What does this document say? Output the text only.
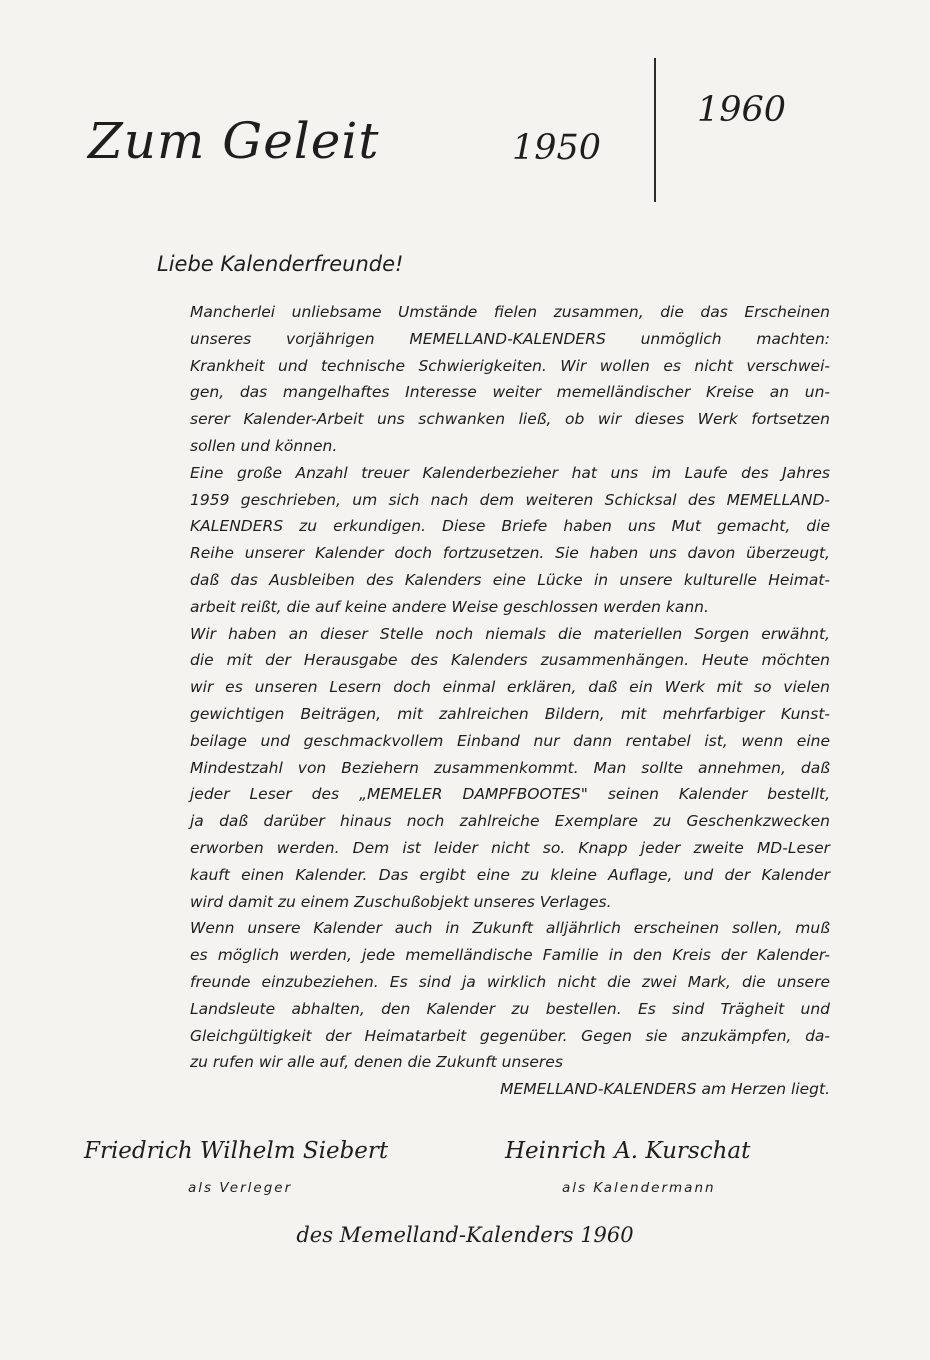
Zum Geleit	1950
1960

Liebe Kalenderfreunde!

Mancherlei unliebsame Umstände fielen zusammen, die das Erscheinen
unseres vorjährigen MEMELLAND-KALENDERS unmöglich machten:
Krankheit und technische Schwierigkeiten. Wir wollen es nicht verschwei-
gen, das mangelhaftes Interesse weiter memelländischer Kreise an un-
serer Kalender-Arbeit uns schwanken ließ, ob wir dieses Werk fortsetzen
sollen und können.
Eine große Anzahl treuer Kalenderbezieher hat uns im Laufe des Jahres
1959 geschrieben, um sich nach dem weiteren Schicksal des MEMELLAND-
KALENDERS zu erkundigen. Diese Briefe haben uns Mut gemacht, die
Reihe unserer Kalender doch fortzusetzen. Sie haben uns davon überzeugt,
daß das Ausbleiben des Kalenders eine Lücke in unsere kulturelle Heimat-
arbeit reißt, die auf keine andere Weise geschlossen werden kann.
Wir haben an dieser Stelle noch niemals die materiellen Sorgen erwähnt,
die mit der Herausgabe des Kalenders zusammenhängen. Heute möchten
wir es unseren Lesern doch einmal erklären, daß ein Werk mit so vielen
gewichtigen Beiträgen, mit zahlreichen Bildern, mit mehrfarbiger Kunst-
beilage und geschmackvollem Einband nur dann rentabel ist, wenn eine
Mindestzahl von Beziehern zusammenkommt. Man sollte annehmen, daß
jeder Leser des „MEMELER DAMPFBOOTES" seinen Kalender bestellt,
ja daß darüber hinaus noch zahlreiche Exemplare zu Geschenkzwecken
erworben werden. Dem ist leider nicht so. Knapp jeder zweite MD-Leser
kauft einen Kalender. Das ergibt eine zu kleine Auflage, und der Kalender
wird damit zu einem Zuschußobjekt unseres Verlages.
Wenn unsere Kalender auch in Zukunft alljährlich erscheinen sollen, muß
es möglich werden, jede memelländische Familie in den Kreis der Kalender-
freunde einzubeziehen. Es sind ja wirklich nicht die zwei Mark, die unsere
Landsleute abhalten, den Kalender zu bestellen. Es sind Trägheit und
Gleichgültigkeit der Heimatarbeit gegenüber. Gegen sie anzukämpfen, da-
zu rufen wir alle auf, denen die Zukunft unseres
MEMELLAND-KALENDERS am Herzen liegt.

Friedrich Wilhelm Siebert

als Verleger

Heinrich A. Kurschat

als Kalendermann

des Memelland-Kalenders 1960
